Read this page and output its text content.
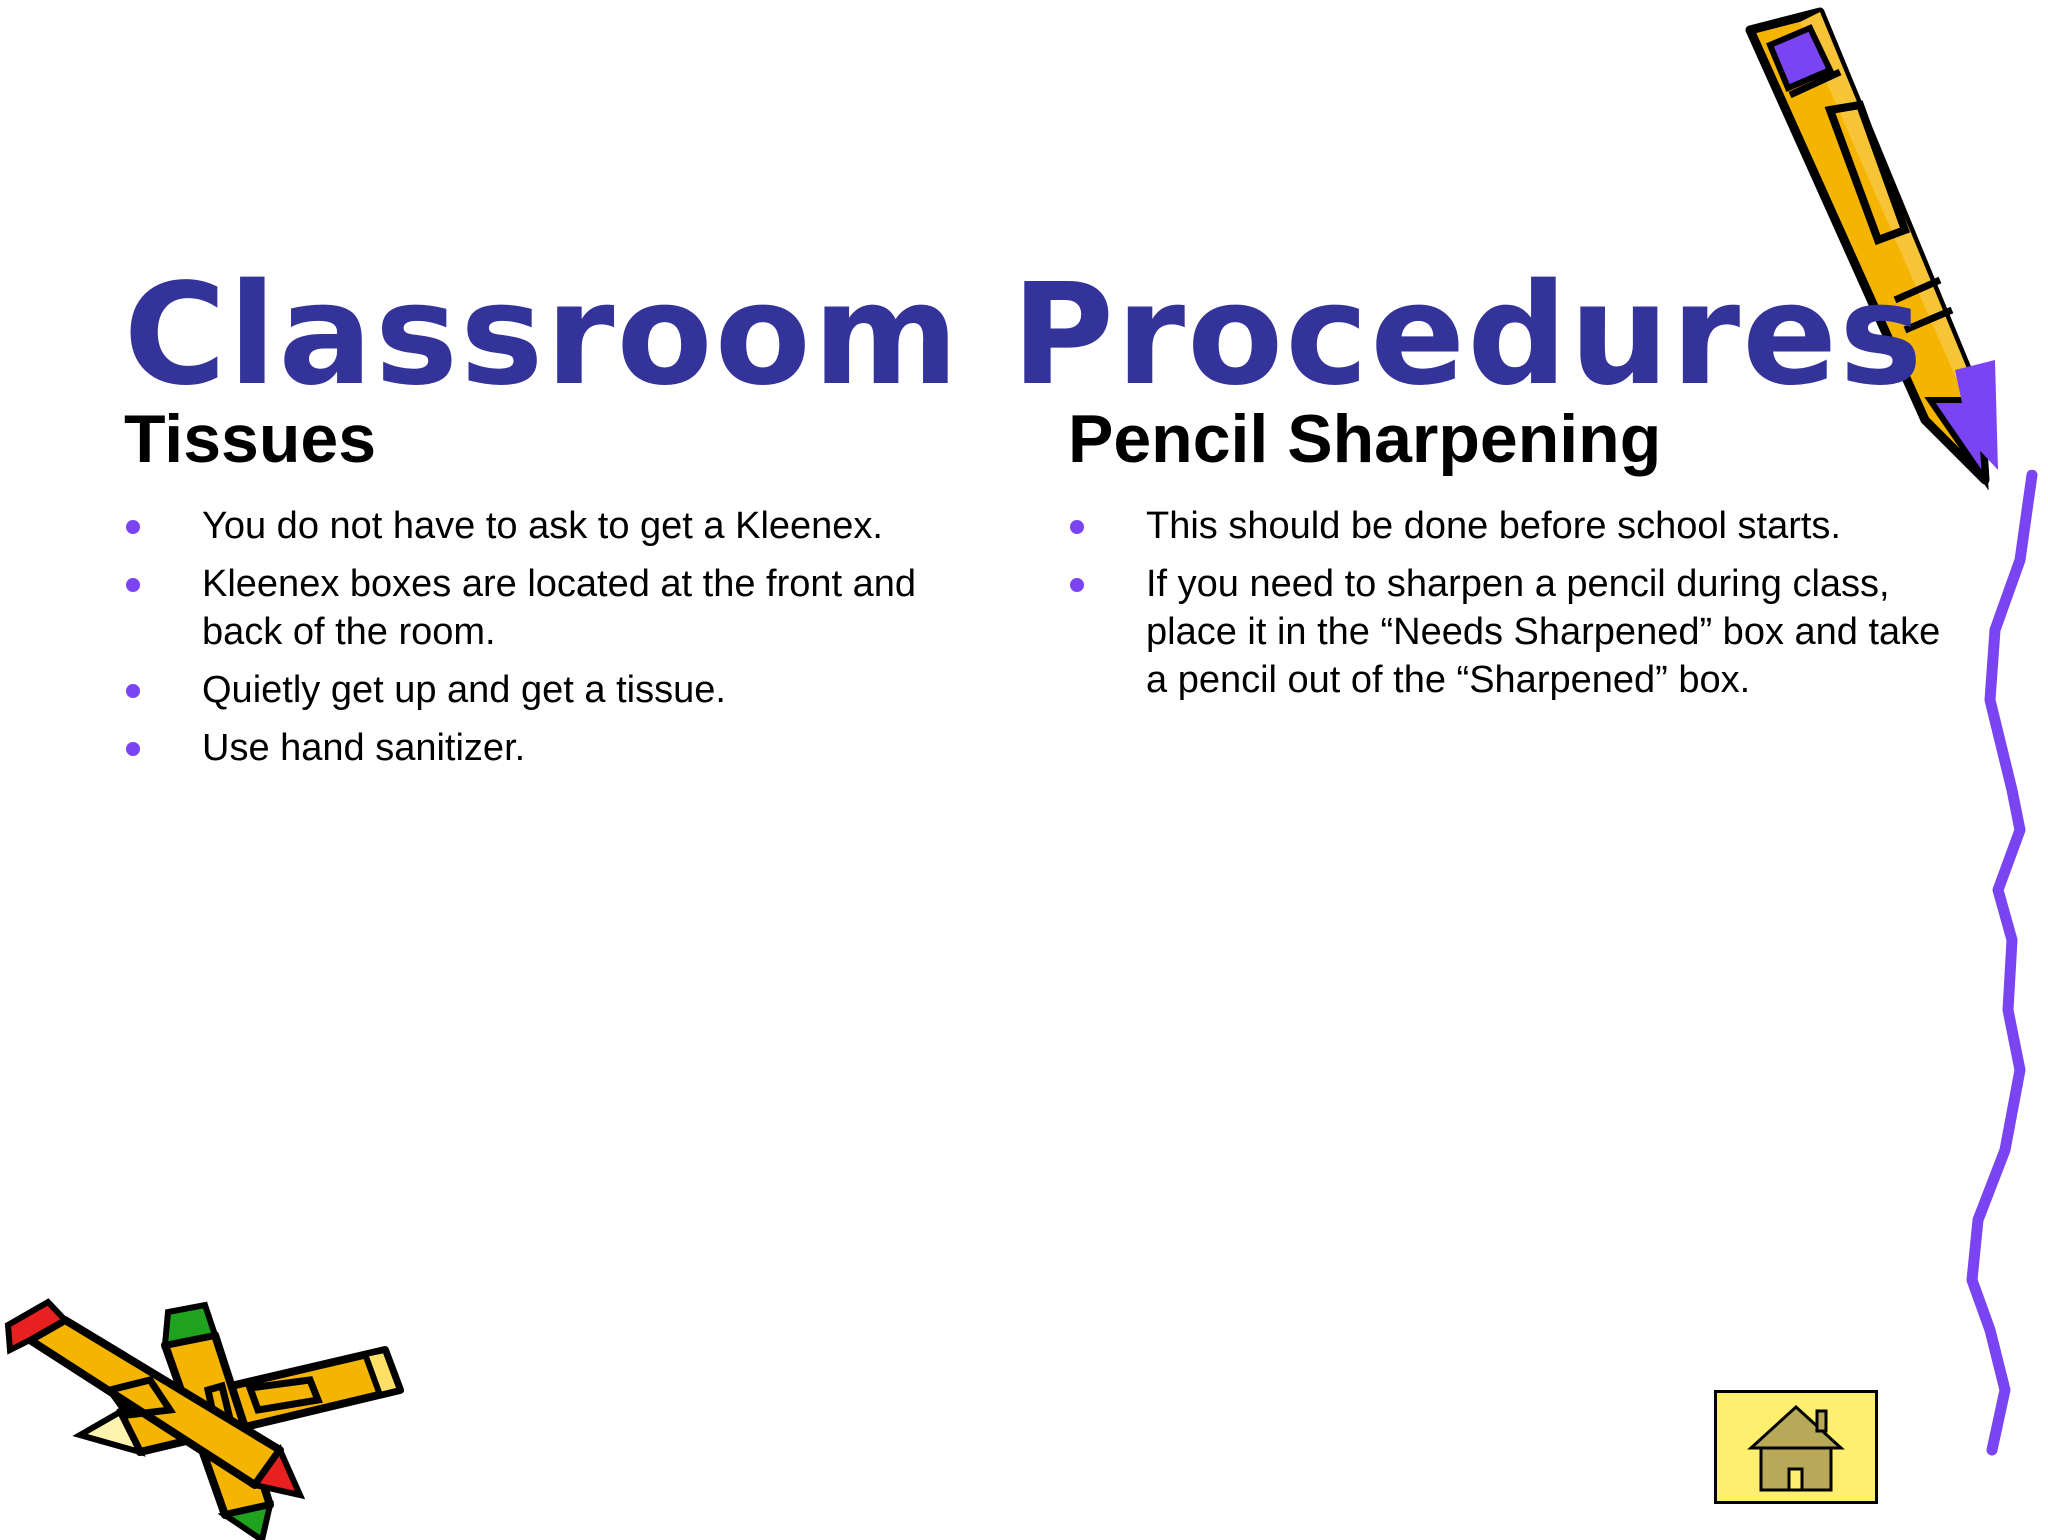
Classroom Procedures
Tissues
You do not have to ask to get a Kleenex.
Kleenex boxes are located at the front and back of the room.
Quietly get up and get a tissue.
Use hand sanitizer.
Pencil Sharpening
This should be done before school starts.
If you need to sharpen a pencil during class, place it in the “Needs Sharpened” box and take a pencil out of the “Sharpened” box.
